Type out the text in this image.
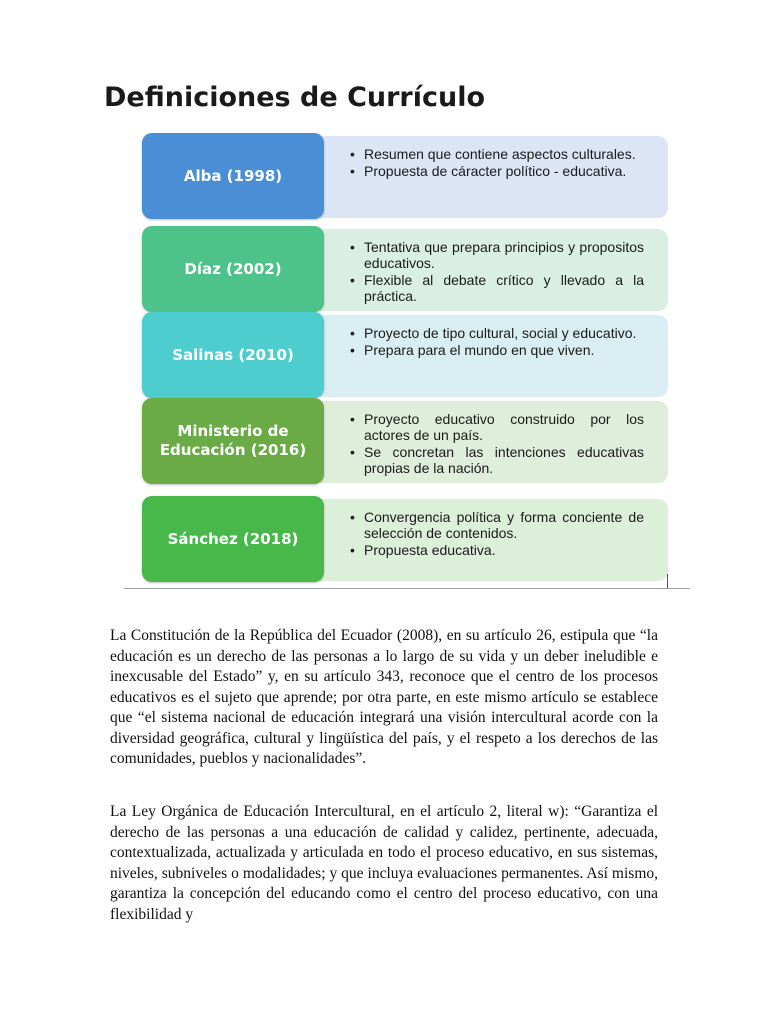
Definiciones de Currículo
Alba (1998)
• Resumen que contiene aspectos culturales.
• Propuesta de cáracter político - educativa.
Díaz (2002)
• Tentativa que prepara principios y propositos educativos.
• Flexible al debate crítico y llevado a la práctica.
Salinas (2010)
• Proyecto de tipo cultural, social y educativo.
• Prepara para el mundo en que viven.
Ministerio de Educación (2016)
• Proyecto educativo construido por los actores de un país.
• Se concretan las intenciones educativas propias de la nación.
Sánchez (2018)
• Convergencia política y forma conciente de selección de contenidos.
• Propuesta educativa.

La Constitución de la República del Ecuador (2008), en su artículo 26, estipula que “la educación es un derecho de las personas a lo largo de su vida y un deber ineludible e inexcusable del Estado” y, en su artículo 343, reconoce que el centro de los procesos educativos es el sujeto que aprende; por otra parte, en este mismo artículo se establece que “el sistema nacional de educación integrará una visión intercultural acorde con la diversidad geográfica, cultural y lingüística del país, y el respeto a los derechos de las comunidades, pueblos y nacionalidades”.

La Ley Orgánica de Educación Intercultural, en el artículo 2, literal w): “Garantiza el derecho de las personas a una educación de calidad y calidez, pertinente, adecuada, contextualizada, actualizada y articulada en todo el proceso educativo, en sus sistemas, niveles, subniveles o modalidades; y que incluya evaluaciones permanentes. Así mismo, garantiza la concepción del educando como el centro del proceso educativo, con una flexibilidad y
